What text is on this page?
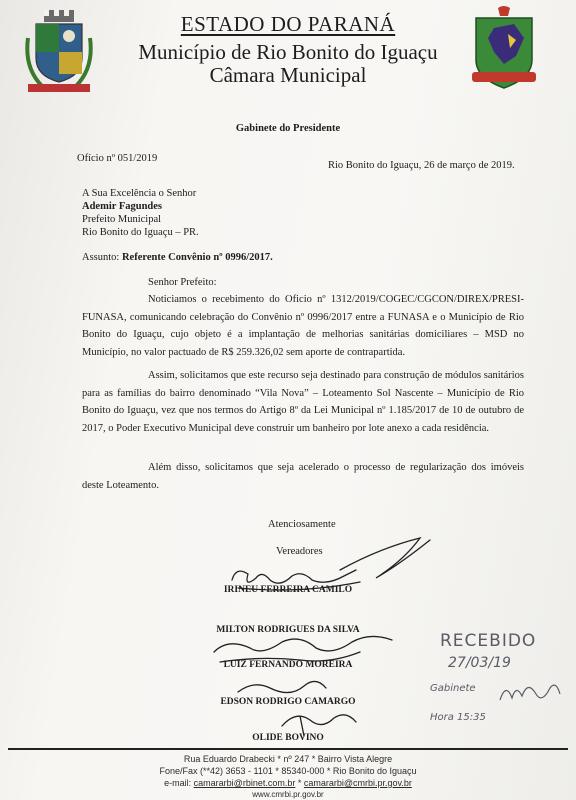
ESTADO DO PARANÁ
Município de Rio Bonito do Iguaçu
Câmara Municipal
Gabinete do Presidente
Ofício nº 051/2019
Rio Bonito do Iguaçu, 26 de março de 2019.
A Sua Excelência o Senhor
Ademir Fagundes
Prefeito Municipal
Rio Bonito do Iguaçu – PR.
Assunto: Referente Convênio nº 0996/2017.
Senhor Prefeito:
Noticiamos o recebimento do Oficio nº 1312/2019/COGEC/CGCON/DIREX/PRESI-FUNASA, comunicando celebração do Convênio nº 0996/2017 entre a FUNASA e o Município de Rio Bonito do Iguaçu, cujo objeto é a implantação de melhorias sanitárias domiciliares – MSD no Município, no valor pactuado de R$ 259.326,02 sem aporte de contrapartida.
Assim, solicitamos que este recurso seja destinado para construção de módulos sanitários para as famílias do bairro denominado “Vila Nova” – Loteamento Sol Nascente – Município de Rio Bonito do Iguaçu, vez que nos termos do Artigo 8º da Lei Municipal nº 1.185/2017 de 10 de outubro de 2017, o Poder Executivo Municipal deve construir um banheiro por lote anexo a cada residência.
Além disso, solicitamos que seja acelerado o processo de regularização dos imóveis deste Loteamento.
Atenciosamente
Vereadores
IRINEU FERREIRA CAMILO
MILTON RODRIGUES DA SILVA
LUIZ FERNANDO MOREIRA
EDSON RODRIGO CAMARGO
OLIDE BOVINO
RECEBIDO
27/03/19
Gabinete
Hora 15:35
Rua Eduardo Drabecki * nº 247 * Bairro Vista Alegre
Fone/Fax (**42) 3653 - 1101 * 85340-000 * Rio Bonito do Iguaçu
e-mail: camararbi@rbinet.com.br * camararbi@cmrbi.pr.gov.br
www.cmrbi.pr.gov.br
